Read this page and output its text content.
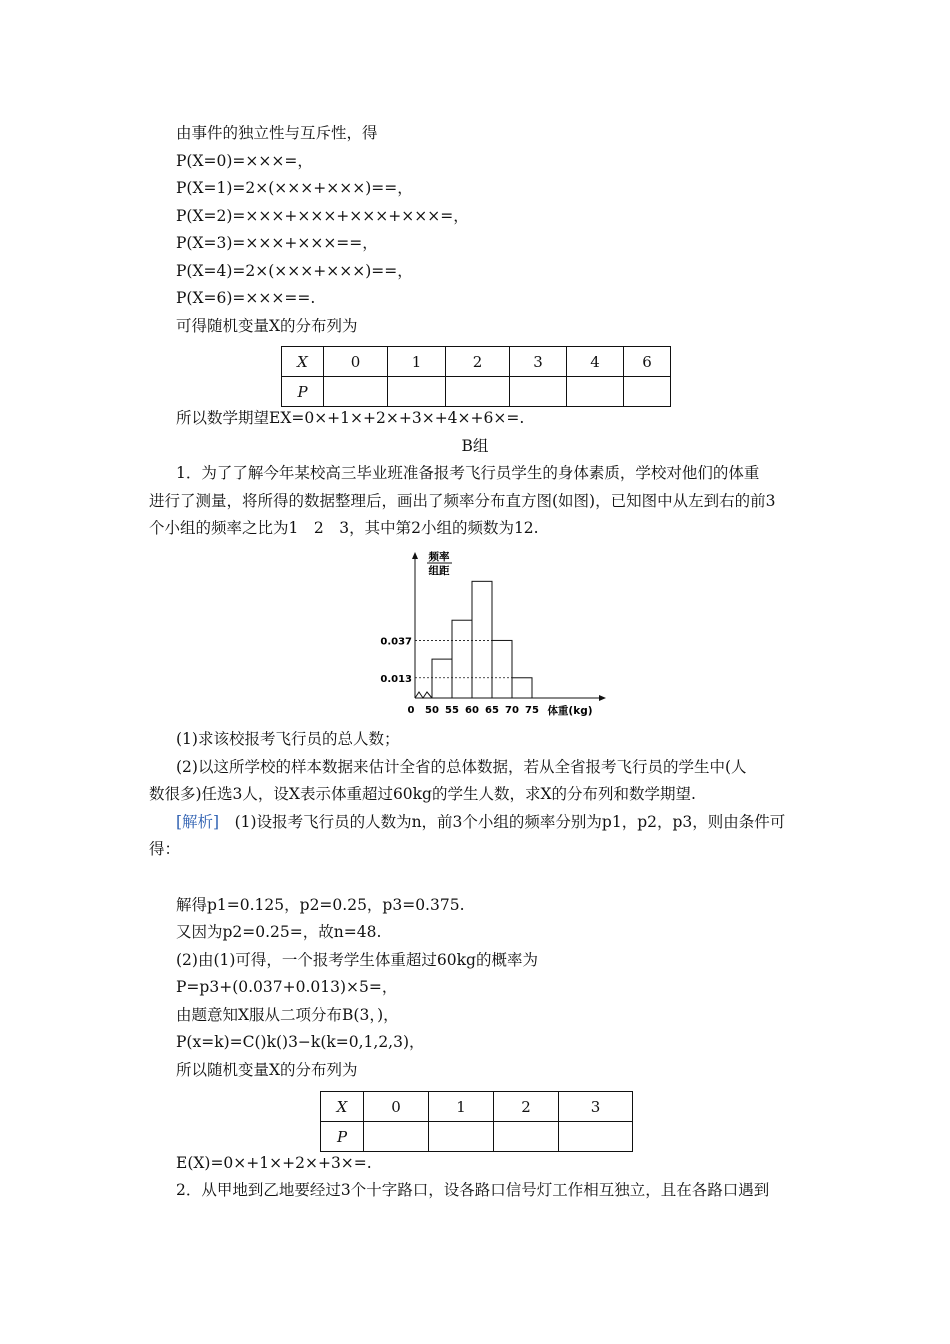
由事件的独立性与互斥性，得
P(X=0)=×××=，
P(X=1)=2×(×××+×××)==，
P(X=2)=×××+×××+×××+×××=，
P(X=3)=×××+×××==，
P(X=4)=2×(×××+×××)==，
P(X=6)=×××==.
可得随机变量X的分布列为
X	0	1	2	3	4	6
P						
所以数学期望EX=0×+1×+2×+3×+4×+6×=.
B组
1．为了了解今年某校高三毕业班准备报考飞行员学生的身体素质，学校对他们的体重
进行了测量，将所得的数据整理后，画出了频率分布直方图(如图)，已知图中从左到右的前3
个小组的频率之比为1　2　3，其中第2小组的频数为12.
0.037
0.013
50 55 60 65 70 75
0	体重(kg)
频率
组距
(1)求该校报考飞行员的总人数；
(2)以这所学校的样本数据来估计全省的总体数据，若从全省报考飞行员的学生中(人
数很多)任选3人，设X表示体重超过60kg的学生人数，求X的分布列和数学期望.
[解析]　(1)设报考飞行员的人数为n，前3个小组的频率分别为p1，p2，p3，则由条件可
得：
解得p1=0.125，p2=0.25，p3=0.375.
又因为p2=0.25=，故n=48.
(2)由(1)可得，一个报考学生体重超过60kg的概率为
P=p3+(0.037+0.013)×5=，
由题意知X服从二项分布B(3，)，
P(x=k)=C()k()3−k(k=0,1,2,3)，
所以随机变量X的分布列为
X	0	1	2	3
P				
E(X)=0×+1×+2×+3×=.
2．从甲地到乙地要经过3个十字路口，设各路口信号灯工作相互独立，且在各路口遇到
